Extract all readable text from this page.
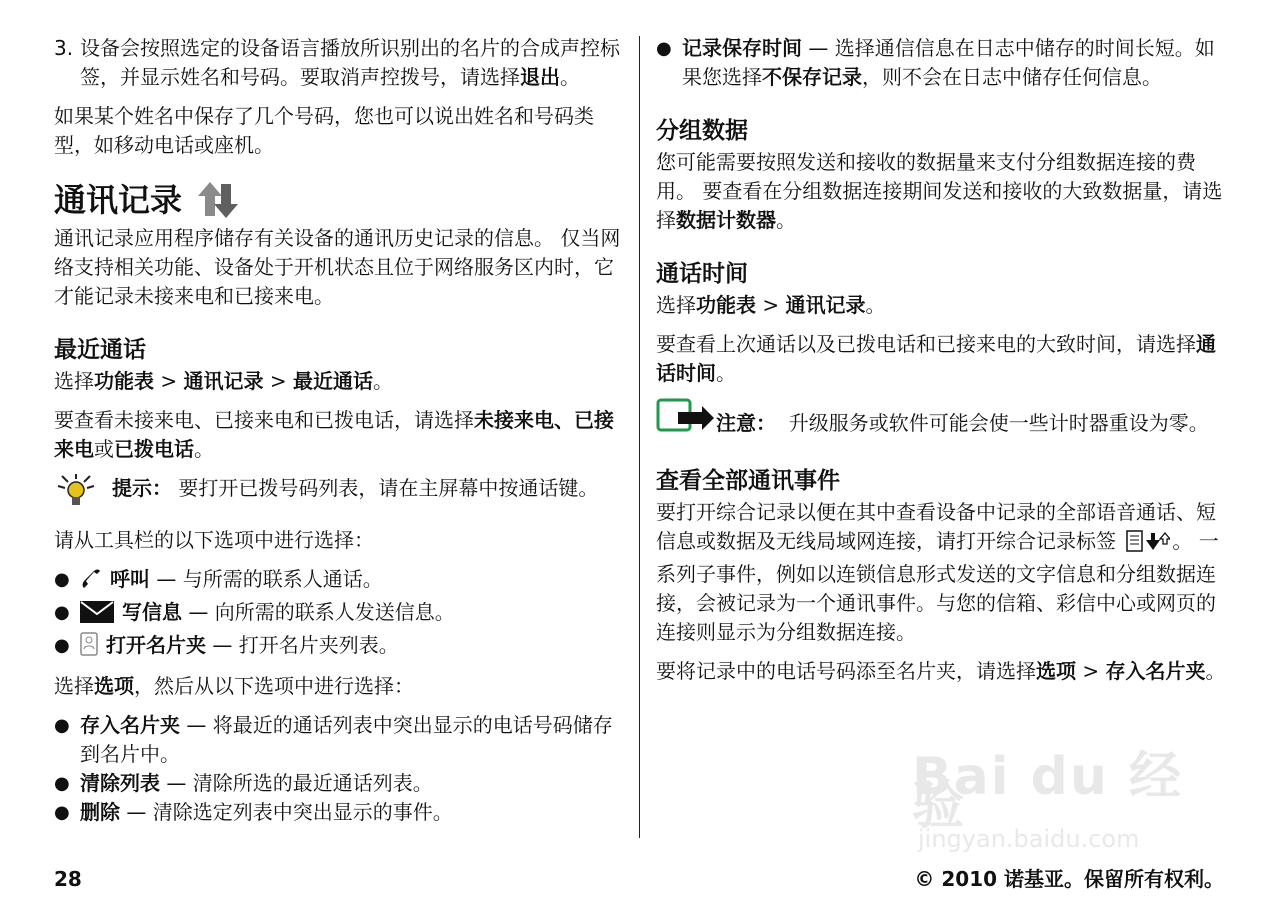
3. 设备会按照选定的设备语言播放所识别出的名片的合成声控标签，并显示姓名和号码。要取消声控拨号，请选择退出。

如果某个姓名中保存了几个号码，您也可以说出姓名和号码类型，如移动电话或座机。

通讯记录

通讯记录应用程序储存有关设备的通讯历史记录的信息。 仅当网络支持相关功能、设备处于开机状态且位于网络服务区内时，它才能记录未接来电和已接来电。

最近通话

选择功能表 > 通讯记录 > 最近通话。

要查看未接来电、已接来电和已拨电话，请选择未接来电、已接来电或已拨电话。

提示： 要打开已拨号码列表，请在主屏幕中按通话键。

请从工具栏的以下选项中进行选择：

●	呼叫 — 与所需的联系人通话。
●	写信息 — 向所需的联系人发送信息。
●	打开名片夹 — 打开名片夹列表。

选择选项，然后从以下选项中进行选择：

● 存入名片夹 — 将最近的通话列表中突出显示的电话号码储存到名片中。
● 清除列表 — 清除所选的最近通话列表。
● 删除 — 清除选定列表中突出显示的事件。
● 记录保存时间 — 选择通信信息在日志中储存的时间长短。如果您选择不保存记录，则不会在日志中储存任何信息。
分组数据

您可能需要按照发送和接收的数据量来支付分组数据连接的费用。 要查看在分组数据连接期间发送和接收的大致数据量，请选择数据计数器。

通话时间

选择功能表 > 通讯记录。

要查看上次通话以及已拨电话和已接来电的大致时间，请选择通话时间。

注意：  升级服务或软件可能会使一些计时器重设为零。

查看全部通讯事件

要打开综合记录以便在其中查看设备中记录的全部语音通话、短信息或数据及无线局域网连接，请打开综合记录标签	。 一系列子事件，例如以连锁信息形式发送的文字信息和分组数据连接，会被记录为一个通讯事件。与您的信箱、彩信中心或网页的连接则显示为分组数据连接。

要将记录中的电话号码添至名片夹，请选择选项 > 存入名片夹。

28	© 2010 诺基亚。保留所有权利。
Bai du 经验
jingyan.baidu.com
